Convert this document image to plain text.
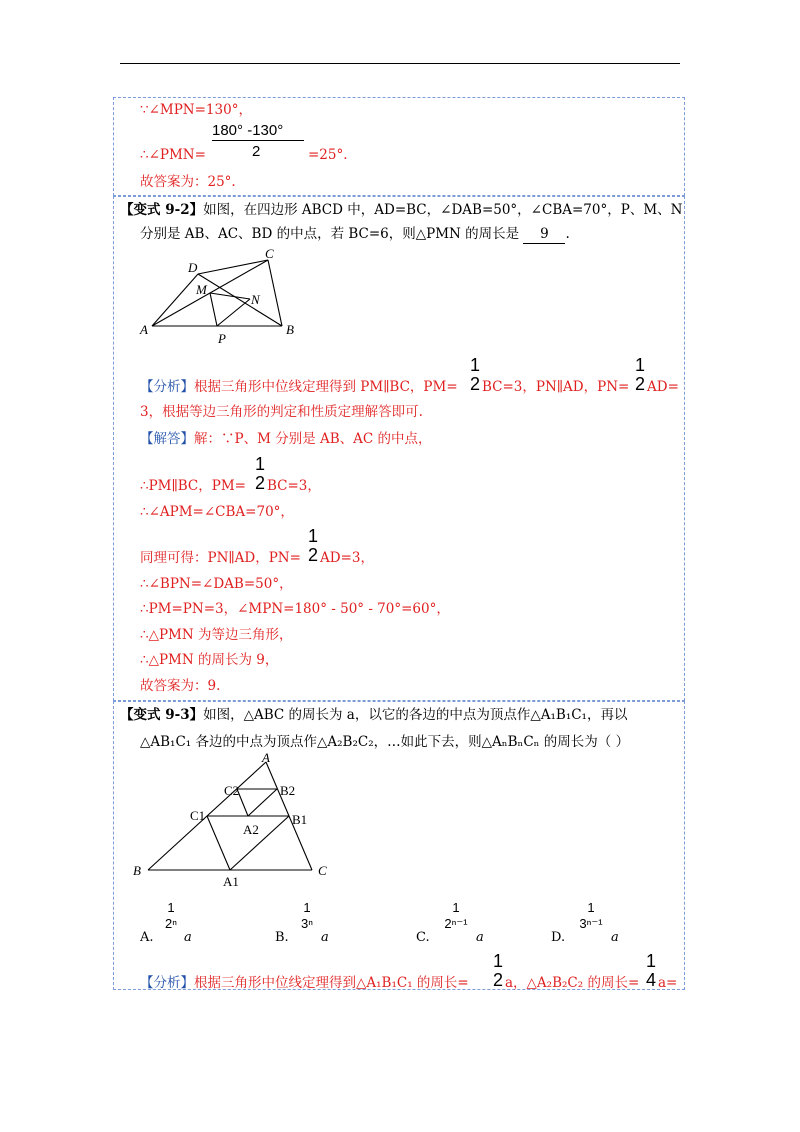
∵∠MPN=130°，
180° -130°
2
∴∠PMN=	=25°.
故答案为：25°.
【变式 9-2】如图，在四边形 ABCD 中，AD=BC，∠DAB=50°，∠CBA=70°，P、M、N
分别是 AB、AC、BD 的中点，若 BC=6，则△PMN 的周长是 9 .
A	B
C
D
M
N
P
【分析】根据三角形中位线定理得到 PM∥BC，PM=
1
2 BC=3，PN∥AD，PN=
1
2 AD=
3，根据等边三角形的判定和性质定理解答即可.
【解答】解：∵P、M 分别是 AB、AC 的中点，
∴PM∥BC，PM=
1
2 BC=3，
∴∠APM=∠CBA=70°，
同理可得：PN∥AD，PN=
1
2 AD=3，
∴∠BPN=∠DAB=50°，
∴PM=PN=3，∠MPN=180° - 50° - 70°=60°，
∴△PMN 为等边三角形，
∴△PMN 的周长为 9，
故答案为：9.
【变式 9-3】如图，△ABC 的周长为 a，以它的各边的中点为顶点作△A₁B₁C₁，再以
△AB₁C₁ 各边的中点为顶点作△A₂B₂C₂，…如此下去，则△AₙBₙCₙ 的周长为（ ）
B	C
A
C1	B1
A1
C2	B2
A2
A.
1
2ⁿ
a	B.
1
3ⁿ
a	C.
1
2ⁿ⁻¹
a	D.
1
3ⁿ⁻¹
a
【分析】根据三角形中位线定理得到△A₁B₁C₁ 的周长=
1
2 a，△A₂B₂C₂ 的周长=
1
4 a=
